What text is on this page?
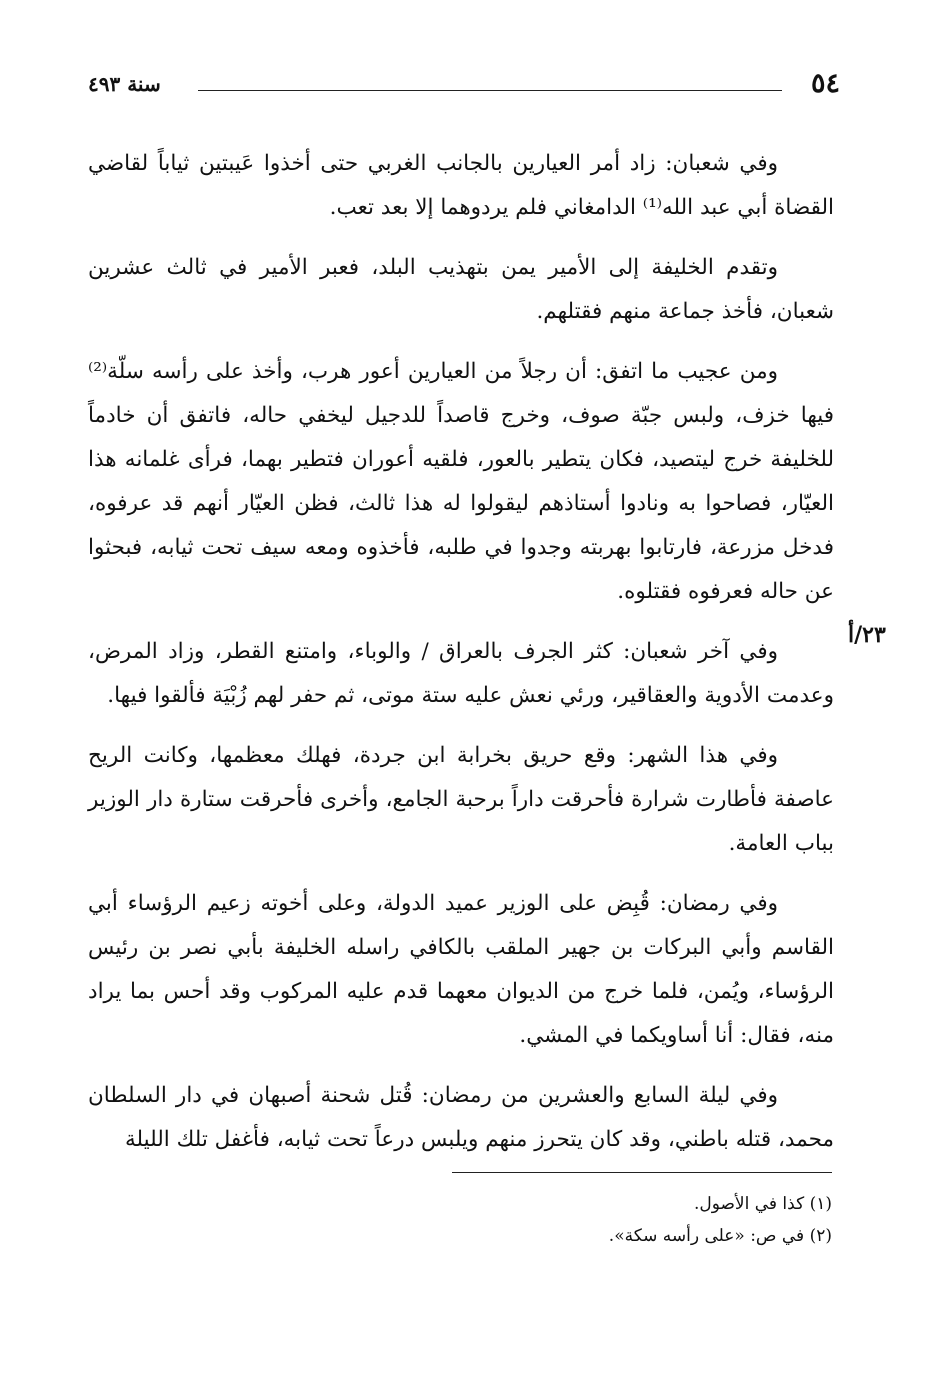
٥٤
سنة ٤٩٣
٢٣/أ

وفي شعبان: زاد أمر العيارين بالجانب الغربي حتى أخذوا عَيبتين ثياباً لقاضي القضاة أبي عبد الله⁽¹⁾ الدامغاني فلم يردوهما إلا بعد تعب.

وتقدم الخليفة إلى الأمير يمن بتهذيب البلد، فعبر الأمير في ثالث عشرين شعبان، فأخذ جماعة منهم فقتلهم.

ومن عجيب ما اتفق: أن رجلاً من العيارين أعور هرب، وأخذ على رأسه سلّة⁽²⁾ فيها خزف، ولبس جبّة صوف، وخرج قاصداً للدجيل ليخفي حاله، فاتفق أن خادماً للخليفة خرج ليتصيد، فكان يتطير بالعور، فلقيه أعوران فتطير بهما، فرأى غلمانه هذا العيّار، فصاحوا به ونادوا أستاذهم ليقولوا له هذا ثالث، فظن العيّار أنهم قد عرفوه، فدخل مزرعة، فارتابوا بهربته وجدوا في طلبه، فأخذوه ومعه سيف تحت ثيابه، فبحثوا عن حاله فعرفوه فقتلوه.

وفي آخر شعبان: كثر الجرف بالعراق / والوباء، وامتنع القطر، وزاد المرض، وعدمت الأدوية والعقاقير، ورئي نعش عليه ستة موتى، ثم حفر لهم زُبْيَة فألقوا فيها.

وفي هذا الشهر: وقع حريق بخرابة ابن جردة، فهلك معظمها، وكانت الريح عاصفة فأطارت شرارة فأحرقت داراً برحبة الجامع، وأخرى فأحرقت ستارة دار الوزير بباب العامة.

وفي رمضان: قُبِض على الوزير عميد الدولة، وعلى أخوته زعيم الرؤساء أبي القاسم وأبي البركات بن جهير الملقب بالكافي راسله الخليفة بأبي نصر بن رئيس الرؤساء، ويُمن، فلما خرج من الديوان معهما قدم عليه المركوب وقد أحس بما يراد منه، فقال: أنا أساويكما في المشي.

وفي ليلة السابع والعشرين من رمضان: قُتل شحنة أصبهان في دار السلطان محمد، قتله باطني، وقد كان يتحرز منهم ويلبس درعاً تحت ثيابه، فأغفل تلك الليلة

(١) كذا في الأصول.

(٢) في ص: «على رأسه سكة».
